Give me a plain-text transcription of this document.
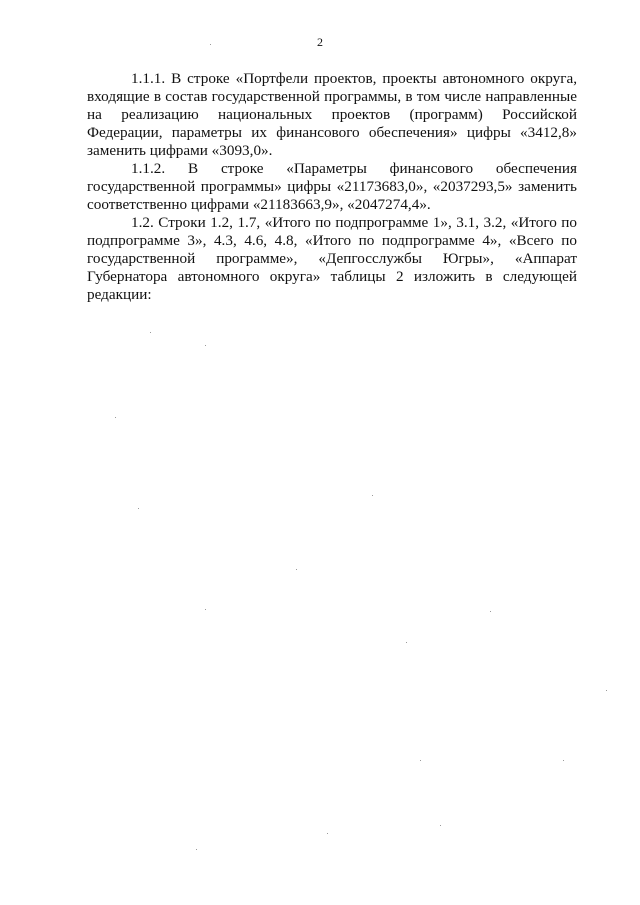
2

1.1.1. В строке «Портфели проектов, проекты автономного округа, входящие в состав государственной программы, в том числе направленные на реализацию национальных проектов (программ) Российской Федерации, параметры их финансового обеспечения» цифры «3412,8» заменить цифрами «3093,0».

1.1.2. В строке «Параметры финансового обеспечения государственной программы» цифры «21173683,0», «2037293,5» заменить соответственно цифрами «21183663,9», «2047274,4».

1.2. Строки 1.2, 1.7, «Итого по подпрограмме 1», 3.1, 3.2, «Итого по подпрограмме 3», 4.3, 4.6, 4.8, «Итого по подпрограмме 4», «Всего по государственной программе», «Депгосслужбы Югры», «Аппарат Губернатора автономного округа» таблицы 2 изложить в следующей редакции:
